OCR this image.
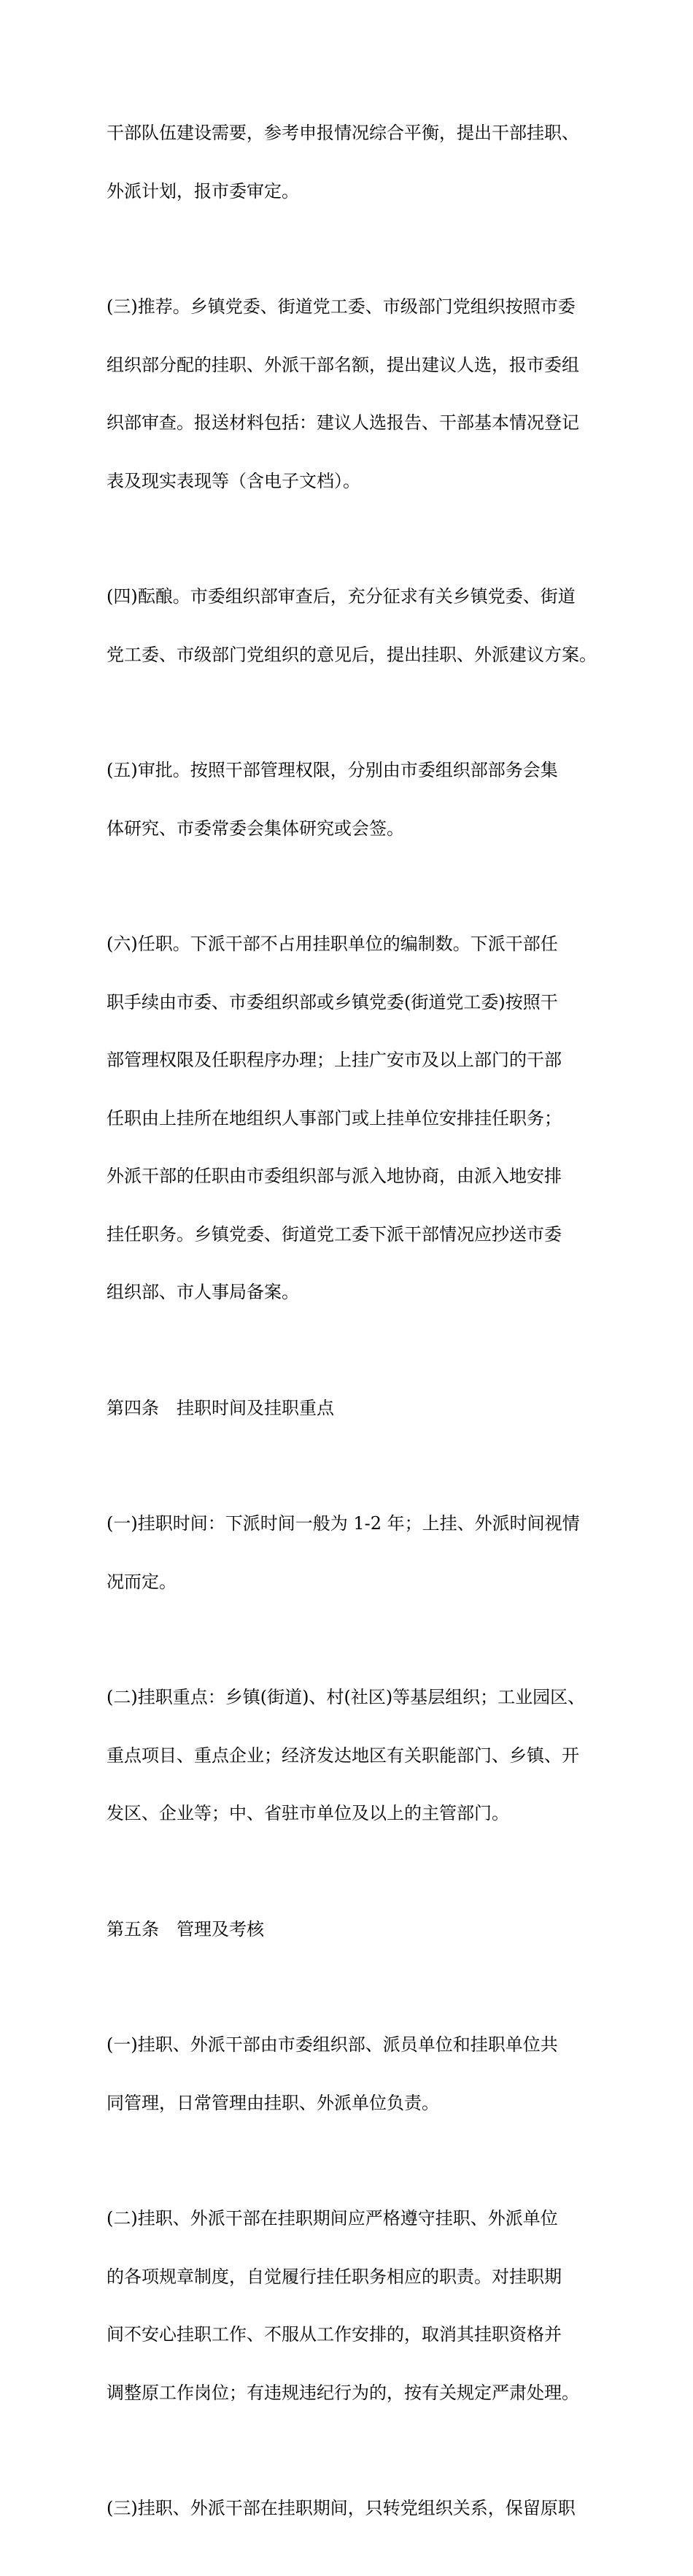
干部队伍建设需要，参考申报情况综合平衡，提出干部挂职、

外派计划，报市委审定。

(三)推荐。乡镇党委、街道党工委、市级部门党组织按照市委

组织部分配的挂职、外派干部名额，提出建议人选，报市委组

织部审查。报送材料包括：建议人选报告、干部基本情况登记

表及现实表现等（含电子文档）。

(四)酝酿。市委组织部审查后，充分征求有关乡镇党委、街道

党工委、市级部门党组织的意见后，提出挂职、外派建议方案。

(五)审批。按照干部管理权限，分别由市委组织部部务会集

体研究、市委常委会集体研究或会签。

(六)任职。下派干部不占用挂职单位的编制数。下派干部任

职手续由市委、市委组织部或乡镇党委(街道党工委)按照干

部管理权限及任职程序办理；上挂广安市及以上部门的干部

任职由上挂所在地组织人事部门或上挂单位安排挂任职务；

外派干部的任职由市委组织部与派入地协商，由派入地安排

挂任职务。乡镇党委、街道党工委下派干部情况应抄送市委

组织部、市人事局备案。

第四条　挂职时间及挂职重点

(一)挂职时间：下派时间一般为 1-2 年；上挂、外派时间视情

况而定。

(二)挂职重点：乡镇(街道)、村(社区)等基层组织；工业园区、

重点项目、重点企业；经济发达地区有关职能部门、乡镇、开

发区、企业等；中、省驻市单位及以上的主管部门。

第五条　管理及考核

(一)挂职、外派干部由市委组织部、派员单位和挂职单位共

同管理，日常管理由挂职、外派单位负责。

(二)挂职、外派干部在挂职期间应严格遵守挂职、外派单位

的各项规章制度，自觉履行挂任职务相应的职责。对挂职期

间不安心挂职工作、不服从工作安排的，取消其挂职资格并

调整原工作岗位；有违规违纪行为的，按有关规定严肃处理。

(三)挂职、外派干部在挂职期间，只转党组织关系，保留原职
